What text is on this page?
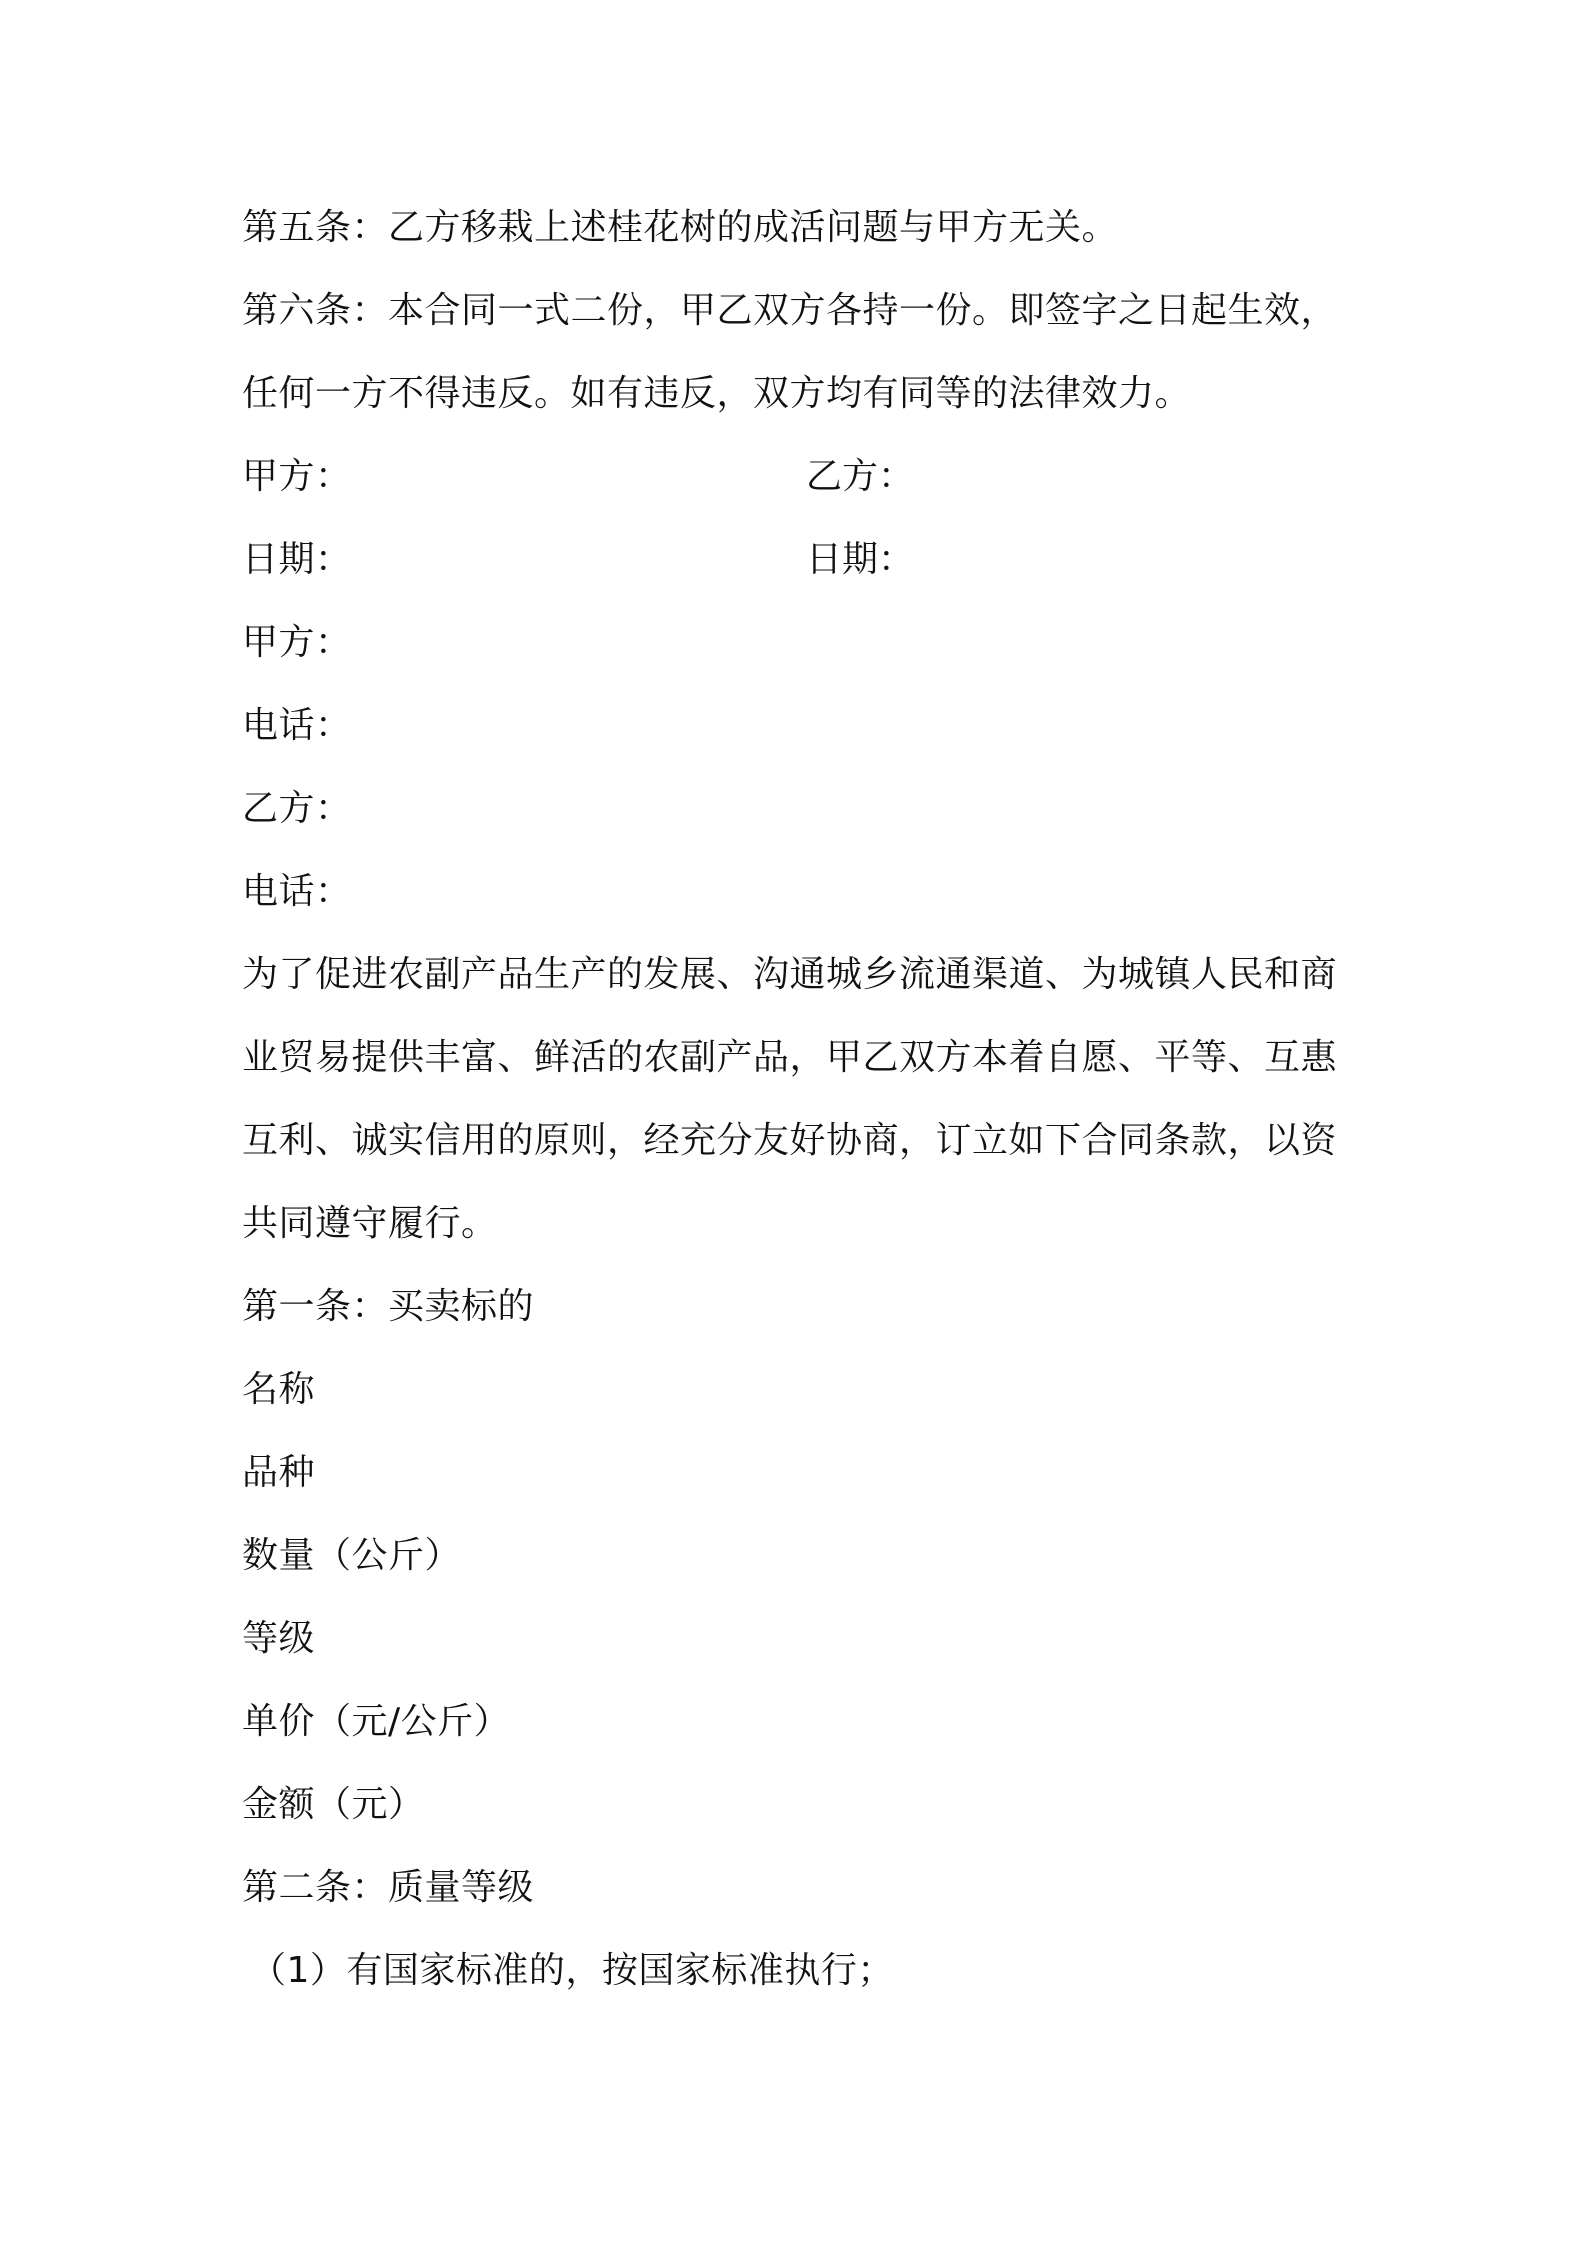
第五条：乙方移栽上述桂花树的成活问题与甲方无关。
第六条：本合同一式二份，甲乙双方各持一份。即签字之日起生效，
任何一方不得违反。如有违反，双方均有同等的法律效力。
甲方：	乙方：
日期：	日期：
甲方：
电话：
乙方：
电话：
为了促进农副产品生产的发展、沟通城乡流通渠道、为城镇人民和商
业贸易提供丰富、鲜活的农副产品，甲乙双方本着自愿、平等、互惠
互利、诚实信用的原则，经充分友好协商，订立如下合同条款，以资
共同遵守履行。
第一条：买卖标的
名称
品种
数量（公斤）
等级
单价（元/公斤）
金额（元）
第二条：质量等级
（1）有国家标准的，按国家标准执行；
